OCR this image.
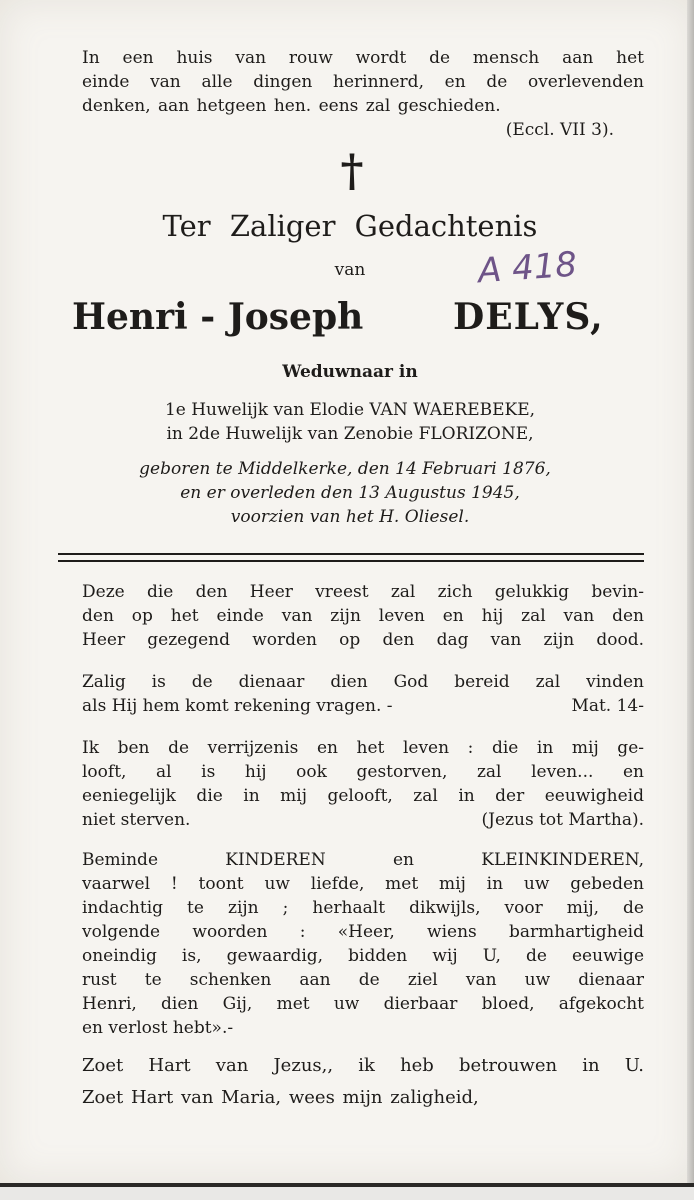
In een huis van rouw wordt de mensch aan het
einde van alle dingen herinnerd, en de overlevenden
denken, aan hetgeen hen. eens zal geschieden.
(Eccl. VII 3).
†
Ter Zaliger Gedachtenis
van	A 418
Henri - Joseph DELYS,
Weduwnaar in
1e Huwelijk van Elodie VAN WAEREBEKE,
in 2de Huwelijk van Zenobie FLORIZONE,
geboren te Middelkerke, den 14 Februari 1876,
en er overleden den 13 Augustus 1945,
voorzien van het H. Oliesel.
Deze die den Heer vreest zal zich gelukkig bevin-
den op het einde van zijn leven en hij zal van den
Heer gezegend worden op den dag van zijn dood.
Zalig is de dienaar dien God bereid zal vinden
als Hij hem komt rekening vragen. -	Mat. 14-
Ik ben de verrijzenis en het leven : die in mij ge-
looft, al is hij ook gestorven, zal leven... en
eeniegelijk die in mij gelooft, zal in der eeuwigheid
niet sterven.	(Jezus tot Martha).
Beminde KINDEREN en KLEINKINDEREN,
vaarwel ! toont uw liefde, met mij in uw gebeden
indachtig te zijn ; herhaalt dikwijls, voor mij, de
volgende woorden : «Heer, wiens barmhartigheid
oneindig is, gewaardig, bidden wij U, de eeuwige
rust te schenken aan de ziel van uw dienaar
Henri, dien Gij, met uw dierbaar bloed, afgekocht
en verlost hebt».-
Zoet Hart van Jezus,, ik heb betrouwen in U.
Zoet Hart van Maria, wees mijn zaligheid,
